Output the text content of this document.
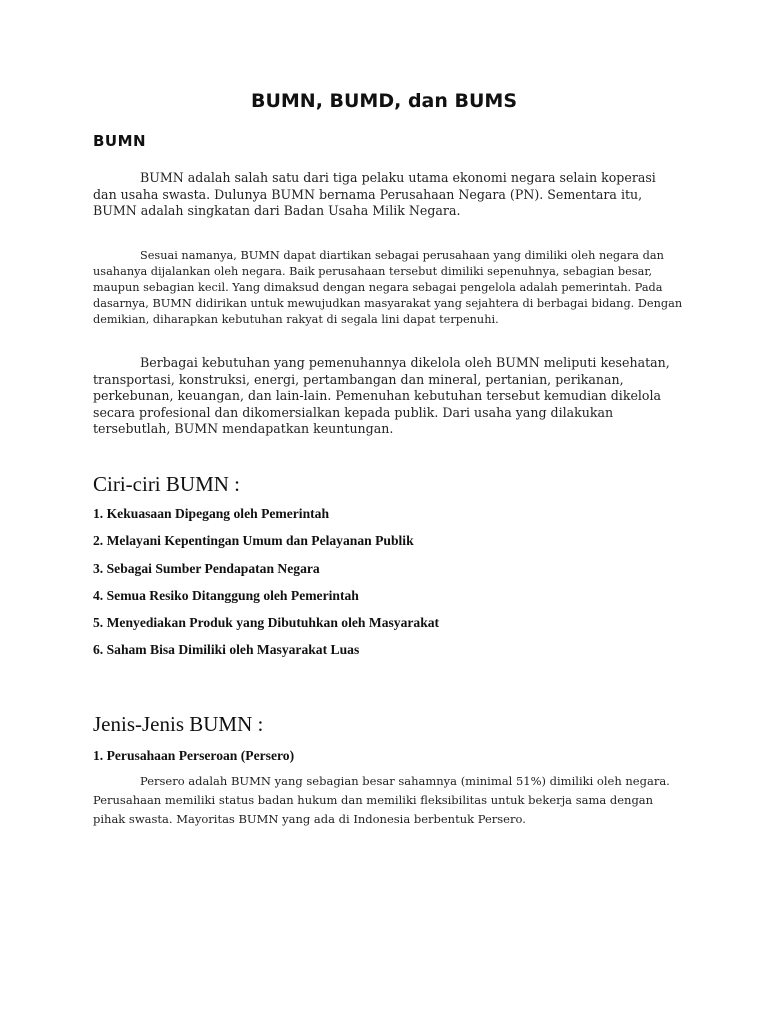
BUMN, BUMD, dan BUMS
BUMN

BUMN adalah salah satu dari tiga pelaku utama ekonomi negara selain koperasi dan usaha swasta. Dulunya BUMN bernama Perusahaan Negara (PN). Sementara itu, BUMN adalah singkatan dari Badan Usaha Milik Negara.

Sesuai namanya, BUMN dapat diartikan sebagai perusahaan yang dimiliki oleh negara dan usahanya dijalankan oleh negara. Baik perusahaan tersebut dimiliki sepenuhnya, sebagian besar, maupun sebagian kecil. Yang dimaksud dengan negara sebagai pengelola adalah pemerintah. Pada dasarnya, BUMN didirikan untuk mewujudkan masyarakat yang sejahtera di berbagai bidang. Dengan demikian, diharapkan kebutuhan rakyat di segala lini dapat terpenuhi.

Berbagai kebutuhan yang pemenuhannya dikelola oleh BUMN meliputi kesehatan, transportasi, konstruksi, energi, pertambangan dan mineral, pertanian, perikanan, perkebunan, keuangan, dan lain-lain. Pemenuhan kebutuhan tersebut kemudian dikelola secara profesional dan dikomersialkan kepada publik. Dari usaha yang dilakukan tersebutlah, BUMN mendapatkan keuntungan.

Ciri-ciri BUMN :
1. Kekuasaan Dipegang oleh Pemerintah
2. Melayani Kepentingan Umum dan Pelayanan Publik
3. Sebagai Sumber Pendapatan Negara
4. Semua Resiko Ditanggung oleh Pemerintah
5. Menyediakan Produk yang Dibutuhkan oleh Masyarakat
6. Saham Bisa Dimiliki oleh Masyarakat Luas
Jenis-Jenis BUMN :
1. Perusahaan Perseroan (Persero)

Persero adalah BUMN yang sebagian besar sahamnya (minimal 51%) dimiliki oleh negara. Perusahaan memiliki status badan hukum dan memiliki fleksibilitas untuk bekerja sama dengan pihak swasta. Mayoritas BUMN yang ada di Indonesia berbentuk Persero.
